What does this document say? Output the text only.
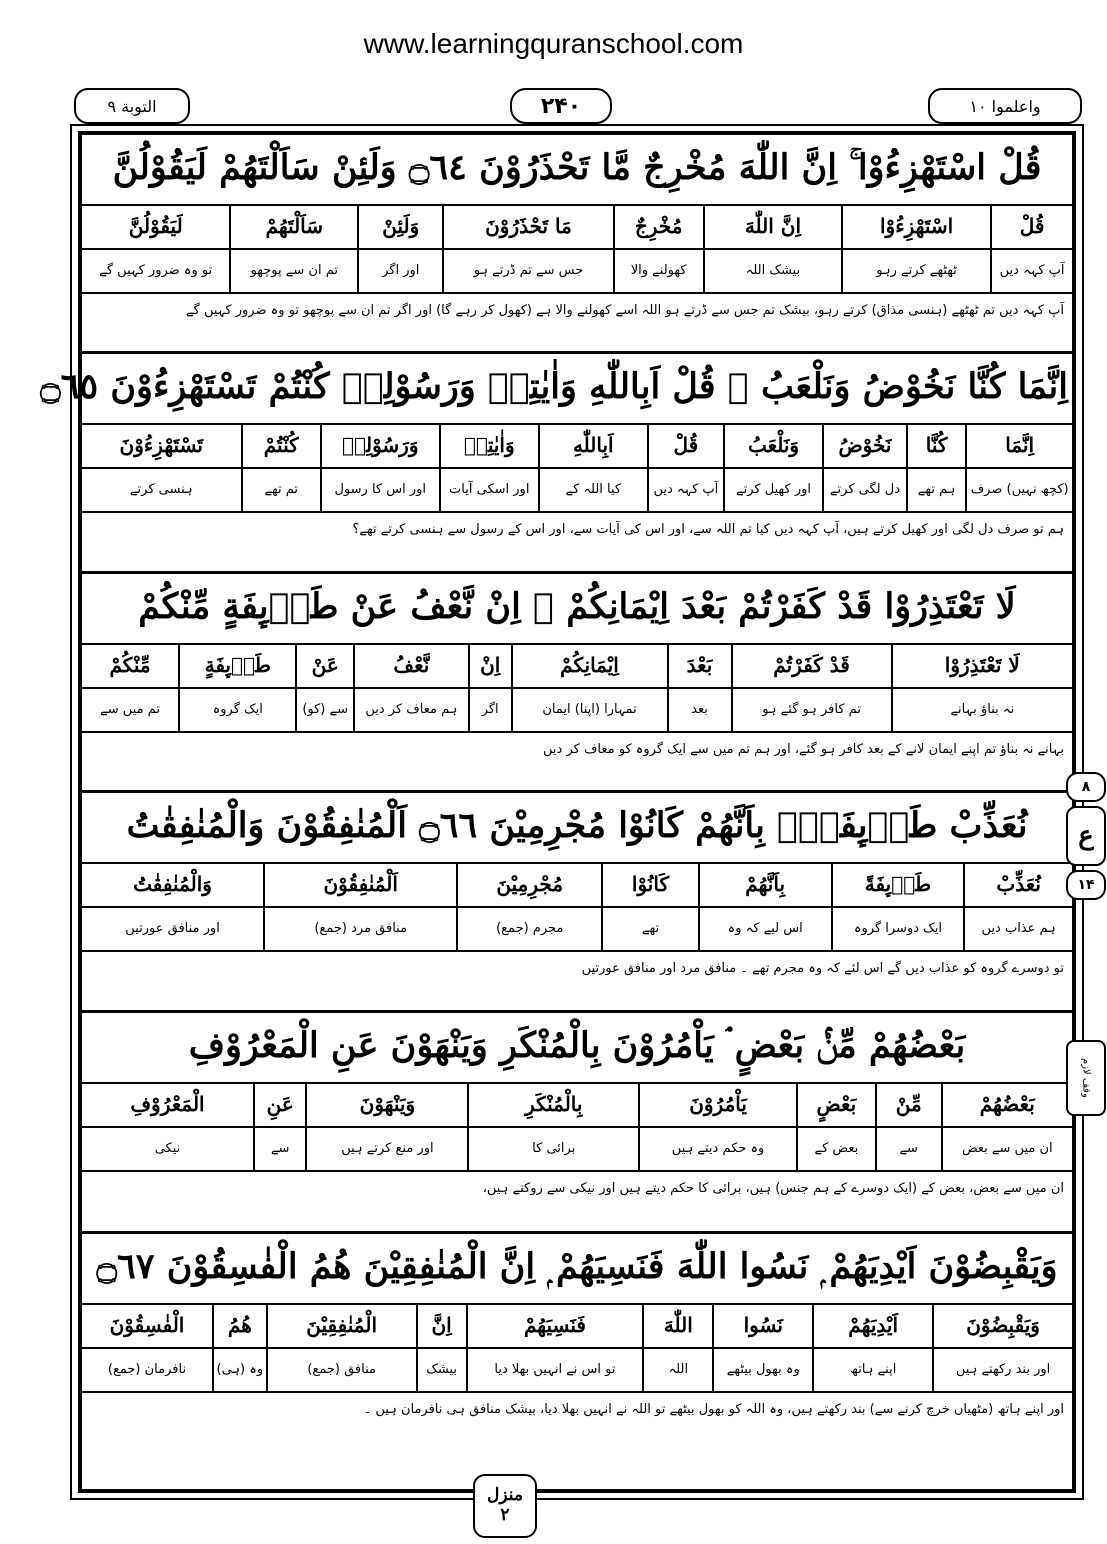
www.learningquranschool.com
واعلموا ۱۰
۲۴۰
التوبة ۹
قُلْ اسْتَهْزِءُوْا ۚ اِنَّ اللّٰهَ مُخْرِجٌ مَّا تَحْذَرُوْنَ ۝٦٤ وَلَئِنْ سَاَلْتَهُمْ لَيَقُوْلُنَّ
قُلْ
اسْتَهْزِءُوْا
اِنَّ اللّٰهَ
مُخْرِجٌ
مَا تَحْذَرُوْنَ
وَلَئِنْ
سَاَلْتَهُمْ
لَيَقُوْلُنَّ
آپ کہہ دیں
ٹھٹھے کرتے رہو
بیشک اللہ
کھولنے والا
جس سے تم ڈرتے ہو
اور اگر
تم ان سے پوچھو
تو وہ ضرور کہیں گے
آپ کہہ دیں تم ٹھٹھے (ہنسی مذاق) کرتے رہو، بیشک تم جس سے ڈرتے ہو اللہ اسے کھولنے والا ہے (کھول کر رہے گا) اور اگر تم ان سے پوچھو تو وہ ضرور کہیں گے
اِنَّمَا كُنَّا نَخُوْضُ وَنَلْعَبُ ۭ قُلْ اَبِاللّٰهِ وَاٰيٰتِهٖ وَرَسُوْلِهٖ كُنْتُمْ تَسْتَهْزِءُوْنَ ۝٦٥
اِنَّمَا
كُنَّا
نَخُوْضُ
وَنَلْعَبُ
قُلْ
اَبِاللّٰهِ
وَاٰيٰتِهٖ
وَرَسُوْلِهٖ
كُنْتُمْ
تَسْتَهْزِءُوْنَ
(کچھ نہیں) صرف
ہم تھے
دل لگی کرتے
اور کھیل کرتے
آپ کہہ دیں
کیا اللہ کے
اور اسکی آیات
اور اس کا رسول
تم تھے
ہنسی کرتے
ہم تو صرف دل لگی اور کھیل کرتے ہیں، آپ کہہ دیں کیا تم اللہ سے، اور اس کی آیات سے، اور اس کے رسول سے ہنسی کرتے تھے؟
لَا تَعْتَذِرُوْا قَدْ كَفَرْتُمْ بَعْدَ اِيْمَانِكُمْ ۭ اِنْ نَّعْفُ عَنْ طَاۗىِٕفَةٍ مِّنْكُمْ
لَا تَعْتَذِرُوْا
قَدْ كَفَرْتُمْ
بَعْدَ
اِيْمَانِكُمْ
اِنْ
نَّعْفُ
عَنْ
طَاۗىِٕفَةٍ
مِّنْكُمْ
نہ بناؤ بہانے
تم کافر ہو گئے ہو
بعد
تمہارا (اپنا) ایمان
اگر
ہم معاف کر دیں
سے (کو)
ایک گروہ
تم میں سے
بہانے نہ بناؤ تم اپنے ایمان لانے کے بعد کافر ہو گئے، اور ہم تم میں سے ایک گروہ کو معاف کر دیں
نُعَذِّبْ طَاۗىِٕفَةًۢ بِاَنَّهُمْ كَانُوْا مُجْرِمِيْنَ ۝٦٦ اَلْمُنٰفِقُوْنَ وَالْمُنٰفِقٰتُ
نُعَذِّبْ
طَاۗىِٕفَةً
بِاَنَّهُمْ
كَانُوْا
مُجْرِمِيْنَ
اَلْمُنٰفِقُوْنَ
وَالْمُنٰفِقٰتُ
ہم عذاب دیں
ایک دوسرا گروہ
اس لیے کہ وہ
تھے
مجرم (جمع)
منافق مرد (جمع)
اور منافق عورتیں
تو دوسرے گروہ کو عذاب دیں گے اس لئے کہ وہ مجرم تھے ۔ منافق مرد اور منافق عورتیں
بَعْضُهُمْ مِّنْۢ بَعْضٍ ۘ يَاْمُرُوْنَ بِالْمُنْكَرِ وَيَنْهَوْنَ عَنِ الْمَعْرُوْفِ
بَعْضُهُمْ
مِّنْ
بَعْضٍ
يَاْمُرُوْنَ
بِالْمُنْكَرِ
وَيَنْهَوْنَ
عَنِ
الْمَعْرُوْفِ
ان میں سے بعض
سے
بعض کے
وہ حکم دیتے ہیں
برائی کا
اور منع کرتے ہیں
سے
نیکی
ان میں سے بعض، بعض کے (ایک دوسرے کے ہم جنس) ہیں، برائی کا حکم دیتے ہیں اور نیکی سے روکتے ہیں،
وَيَقْبِضُوْنَ اَيْدِيَهُمْ ۭ نَسُوا اللّٰهَ فَنَسِيَهُمْ ۭ اِنَّ الْمُنٰفِقِيْنَ هُمُ الْفٰسِقُوْنَ ۝٦٧
وَيَقْبِضُوْنَ
اَيْدِيَهُمْ
نَسُوا
اللّٰهَ
فَنَسِيَهُمْ
اِنَّ
الْمُنٰفِقِيْنَ
هُمُ
الْفٰسِقُوْنَ
اور بند رکھتے ہیں
اپنے ہاتھ
وہ بھول بیٹھے
اللہ
تو اس نے انہیں بھلا دیا
بیشک
منافق (جمع)
وہ (ہی)
نافرمان (جمع)
اور اپنے ہاتھ (مٹھیاں خرچ کرنے سے) بند رکھتے ہیں، وہ اللہ کو بھول بیٹھے تو اللہ نے انہیں بھلا دیا، بیشک منافق ہی نافرمان ہیں ۔
۸
ع
۱۴
وقف لازم
منزل
۲
